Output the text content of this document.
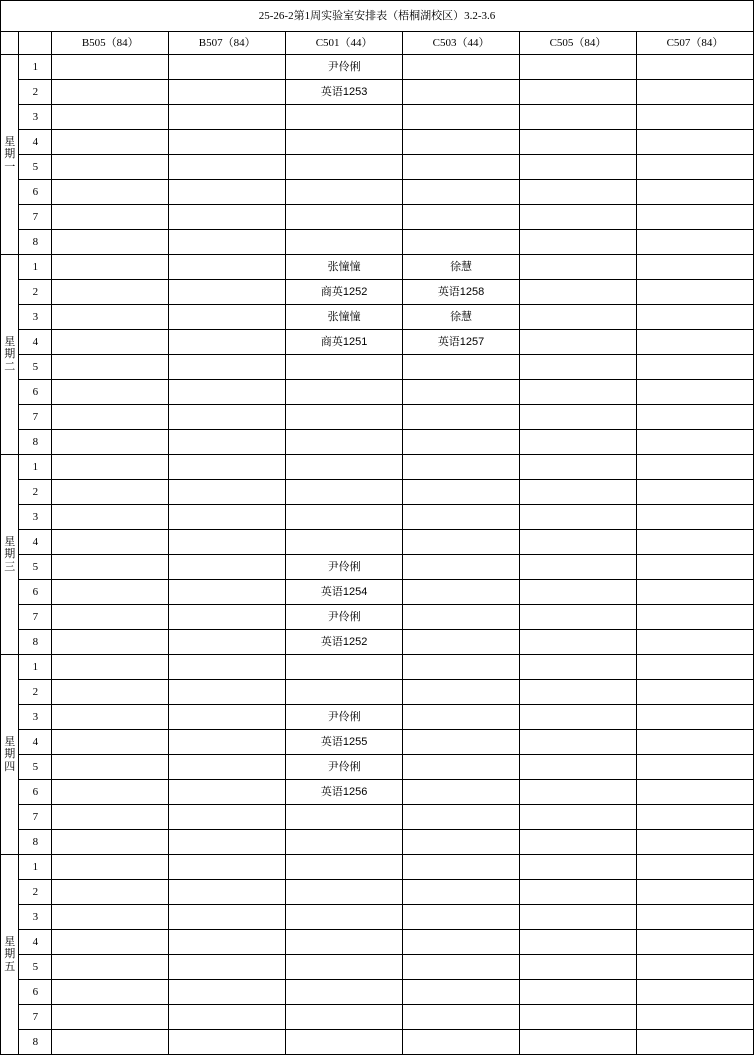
25-26-2第1周实验室安排表（梧桐湖校区）3.2-3.6							
		B505（84）	B507（84）	C501（44）	C503（44）	C505（84）	C507（84）

星
期
一	1			尹伶俐			
	2			英语1253			
	3						
	4						
	5						
	6						
	7						
	8						

星
期
二	1			张憧憧	徐慧		
	2			商英1252	英语1258		
	3			张憧憧	徐慧		
	4			商英1251	英语1257		
	5						
	6						
	7						
	8						

星
期
三	1						
	2						
	3						
	4						
	5			尹伶俐			
	6			英语1254			
	7			尹伶俐			
	8			英语1252			

星
期
四	1						
	2						
	3			尹伶俐			
	4			英语1255			
	5			尹伶俐			
	6			英语1256			
	7						
	8						

星
期
五	1						
	2						
	3						
	4						
	5						
	6						
	7						
	8						
